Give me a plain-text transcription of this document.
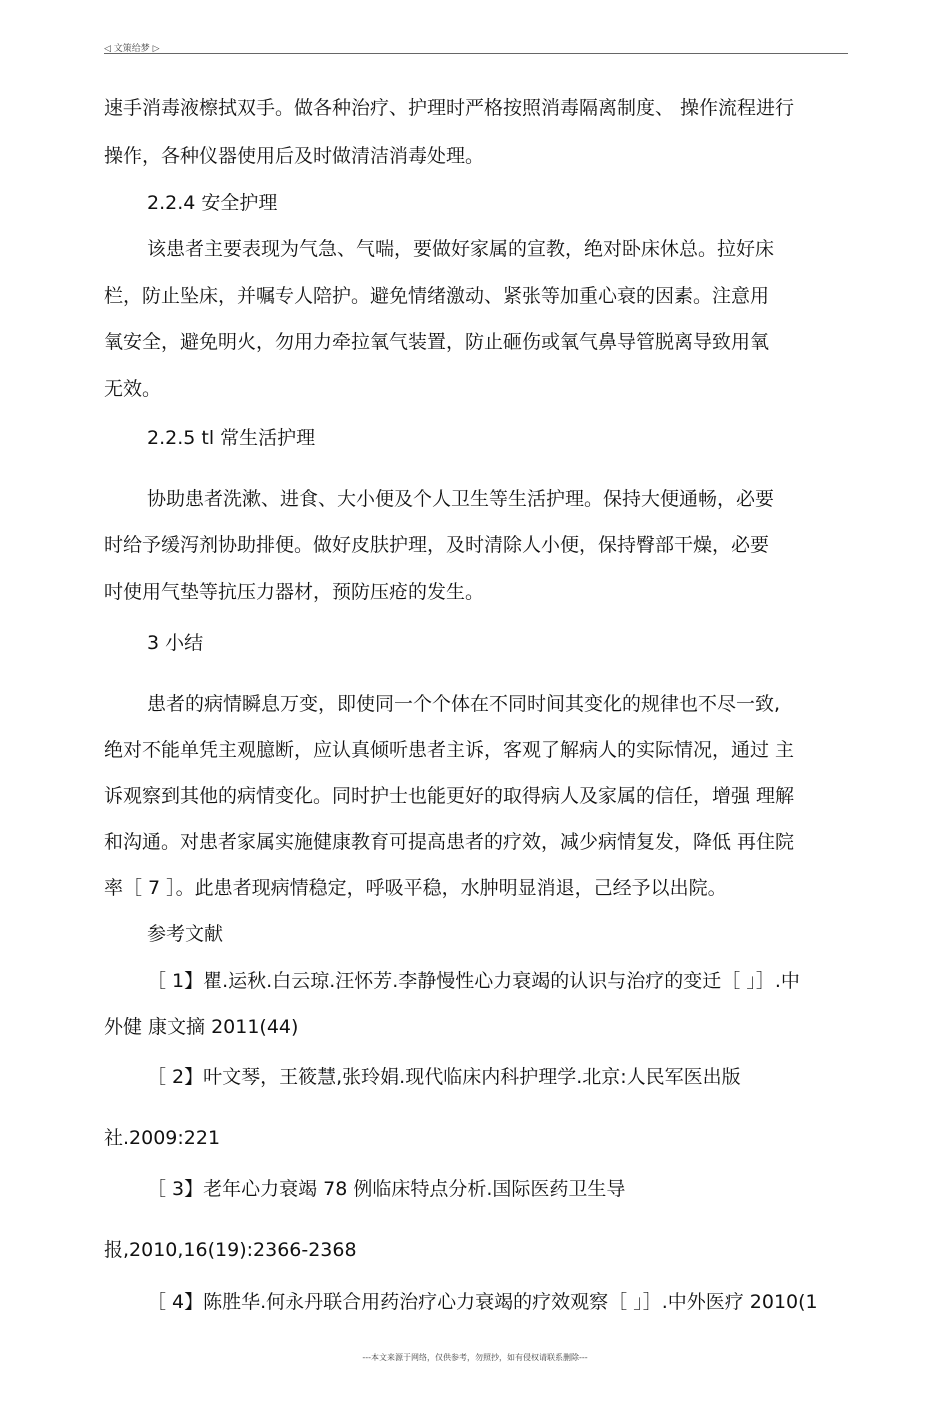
◁ 文策给梦 ▷

速手消毒液檫拭双手。做各种治疗、护理时严格按照消毒隔离制度、 操作流程进行

操作，各种仪器使用后及时做清洁消毒处理。

2.2.4 安全护理

该患者主要表现为气急、气喘，要做好家属的宣教，绝对卧床休总。拉好床

栏，防止坠床，并嘱专人陪护。避免情绪激动、紧张等加重心衰的因素。注意用

氧安全，避免明火，勿用力牵拉氧气装置，防止砸伤或氧气鼻导管脱离导致用氧

无效。

2.2.5 tl 常生活护理

协助患者洗漱、进食、大小便及个人卫生等生活护理。保持大便通畅，必要

时给予缓泻剂协助排便。做好皮肤护理，及时清除人小便，保持臀部干燥，必要

吋使用气垫等抗压力器材，预防压疮的发生。

3 小结

患者的病情瞬息万变，即使同一个个体在不同时间其变化的规律也不尽一致,

绝对不能单凭主观臆断，应认真倾听患者主诉，客观了解病人的实际情况，通过 主

诉观察到其他的病情变化。同时护士也能更好的取得病人及家属的信任，增强 理解

和沟通。对患者家属实施健康教育可提高患者的疗效，减少病情复发，降低 再住院

率［ 7 ］。此患者现病情稳定，呼吸平稳，水肿明显消退，己经予以出院。

参考文献

［ 1】瞿.运秋.白云琼.汪怀芳.李静慢性心力衰竭的认识与治疗的变迁［ 」］.中

外健 康文摘 2011(44)

［ 2】叶文琴，王筱慧,张玲娟.现代临床内科护理学.北京:人民军医出版

社.2009:221

［ 3】老年心力衰竭 78 例临床特点分析.国际医药卫生导

报,2010,16(19):2366-2368

［ 4】陈胜华.何永丹联合用药治疗心力衰竭的疗效观察［ 」］.中外医疗 2010(1

---本文来源于网络，仅供参考，勿照抄，如有侵权请联系删除---
